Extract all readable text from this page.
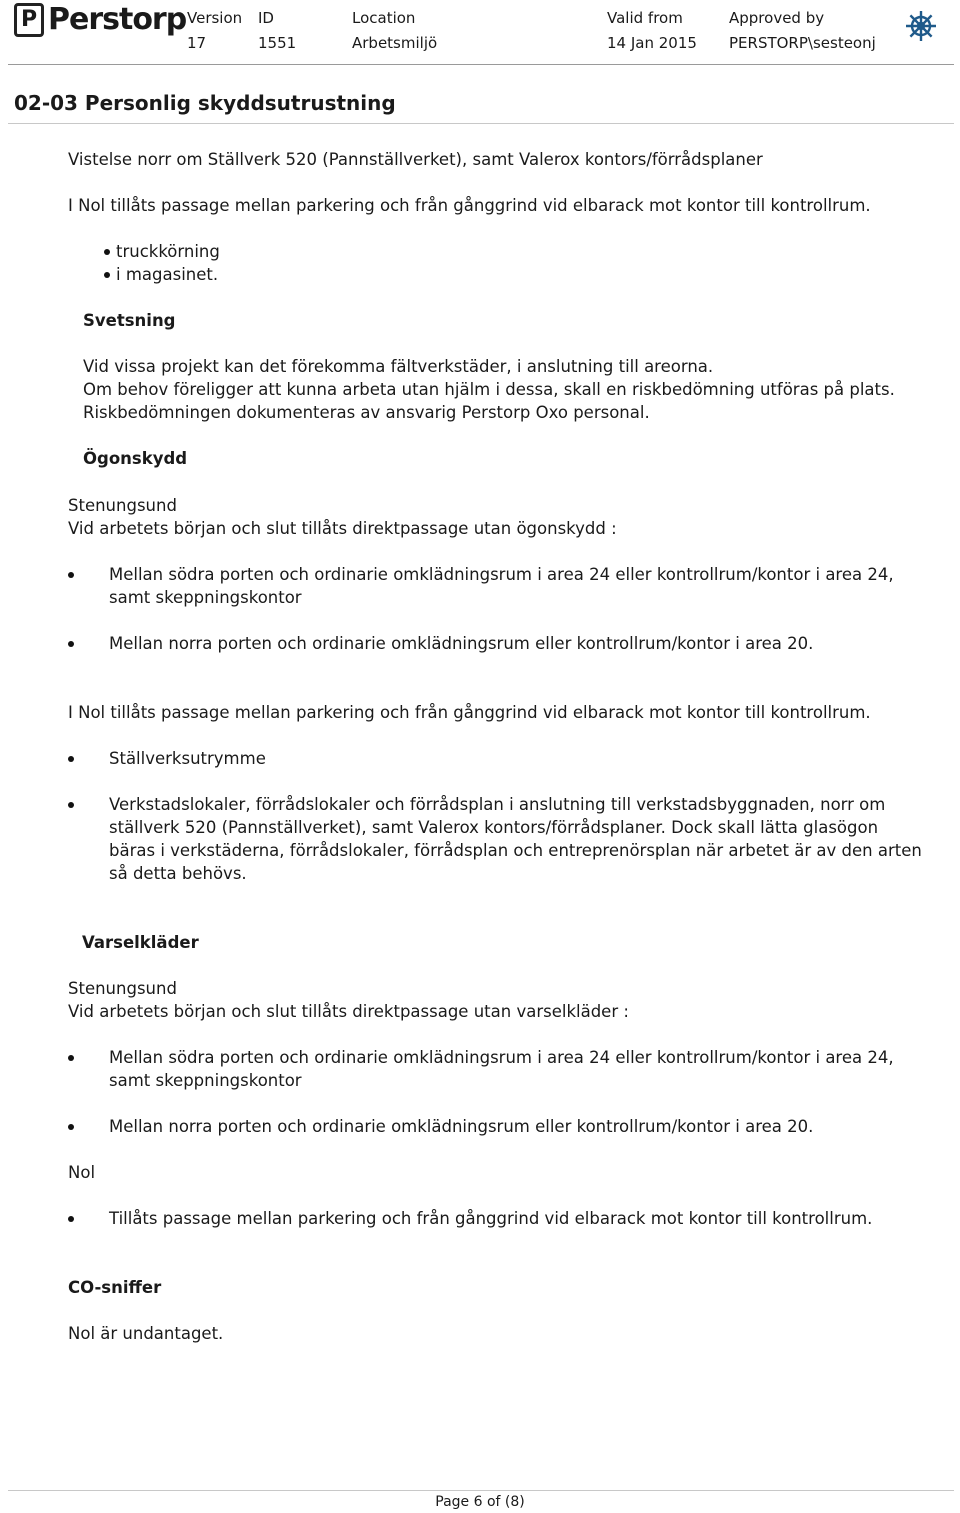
P Perstorp Version
17
ID
1551
Location
Arbetsmiljö
Valid from
14 Jan 2015
Approved by
PERSTORP\sesteonj
02-03 Personlig skyddsutrustning
Vistelse norr om Ställverk 520 (Pannställverket), samt Valerox kontors/förrådsplaner
I Nol tillåts passage mellan parkering och från gånggrind vid elbarack mot kontor till kontrollrum.
truckkörning
i magasinet.
Svetsning
Vid vissa projekt kan det förekomma fältverkstäder, i anslutning till areorna.
Om behov föreligger att kunna arbeta utan hjälm i dessa, skall en riskbedömning utföras på plats.
Riskbedömningen dokumenteras av ansvarig Perstorp Oxo personal.
Ögonskydd
Stenungsund
Vid arbetets början och slut tillåts direktpassage utan ögonskydd :
Mellan södra porten och ordinarie omklädningsrum i area 24 eller kontrollrum/kontor i area 24,
samt skeppningskontor
Mellan norra porten och ordinarie omklädningsrum eller kontrollrum/kontor i area 20.
I Nol tillåts passage mellan parkering och från gånggrind vid elbarack mot kontor till kontrollrum.
Ställverksutrymme
Verkstadslokaler, förrådslokaler och förrådsplan i anslutning till verkstadsbyggnaden, norr om
ställverk 520 (Pannställverket), samt Valerox kontors/förrådsplaner. Dock skall lätta glasögon
bäras i verkstäderna, förrådslokaler, förrådsplan och entreprenörsplan när arbetet är av den arten
så detta behövs.
Varselkläder
Stenungsund
Vid arbetets början och slut tillåts direktpassage utan varselkläder :
Mellan södra porten och ordinarie omklädningsrum i area 24 eller kontrollrum/kontor i area 24,
samt skeppningskontor
Mellan norra porten och ordinarie omklädningsrum eller kontrollrum/kontor i area 20.
Nol
Tillåts passage mellan parkering och från gånggrind vid elbarack mot kontor till kontrollrum.
CO-sniffer
Nol är undantaget.
Page 6 of (8)
